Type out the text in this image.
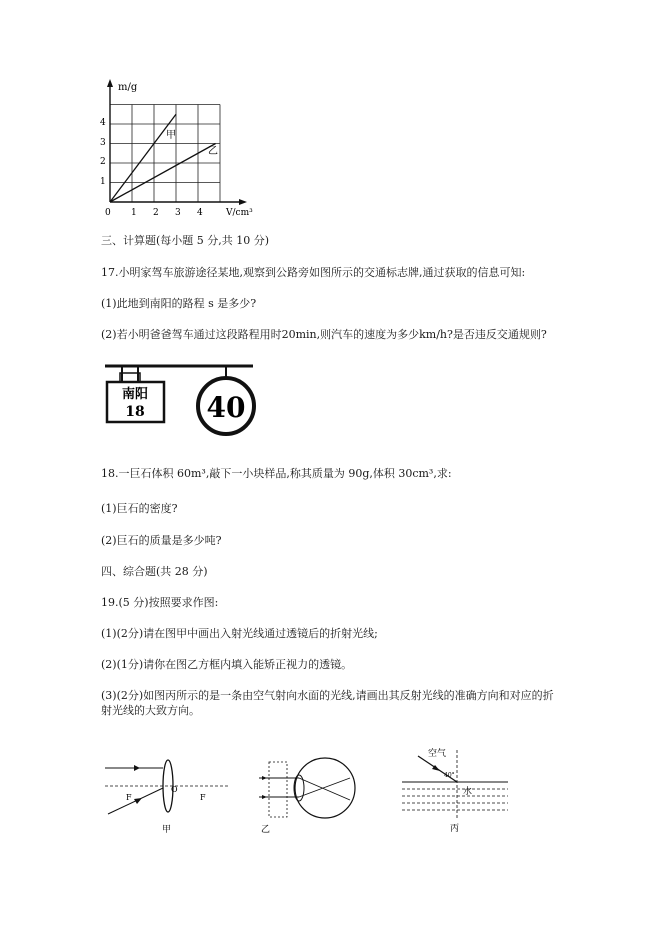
m/g
V/cm³
0 1 2 3 4
1
2
3
4
甲
乙
三、计算题(每小题 5 分,共 10 分)
17.小明家驾车旅游途径某地,观察到公路旁如图所示的交通标志牌,通过获取的信息可知:
(1)此地到南阳的路程 s 是多少?
(2)若小明爸爸驾车通过这段路程用时20min,则汽车的速度为多少km/h?是否违反交通规则?
南阳
18 40
18.一巨石体积 60m³,敲下一小块样品,称其质量为 90g,体积 30cm³,求:
(1)巨石的密度?
(2)巨石的质量是多少吨?
四、综合题(共 28 分)
19.(5 分)按照要求作图:
(1)(2分)请在图甲中画出入射光线通过透镜后的折射光线;
(2)(1分)请你在图乙方框内填入能矫正视力的透镜。
(3)(2分)如图丙所示的是一条由空气射向水面的光线,请画出其反射光线的准确方向和对应的折射光线的大致方向。
F
O
F
甲	乙
空气
40°
水
丙
